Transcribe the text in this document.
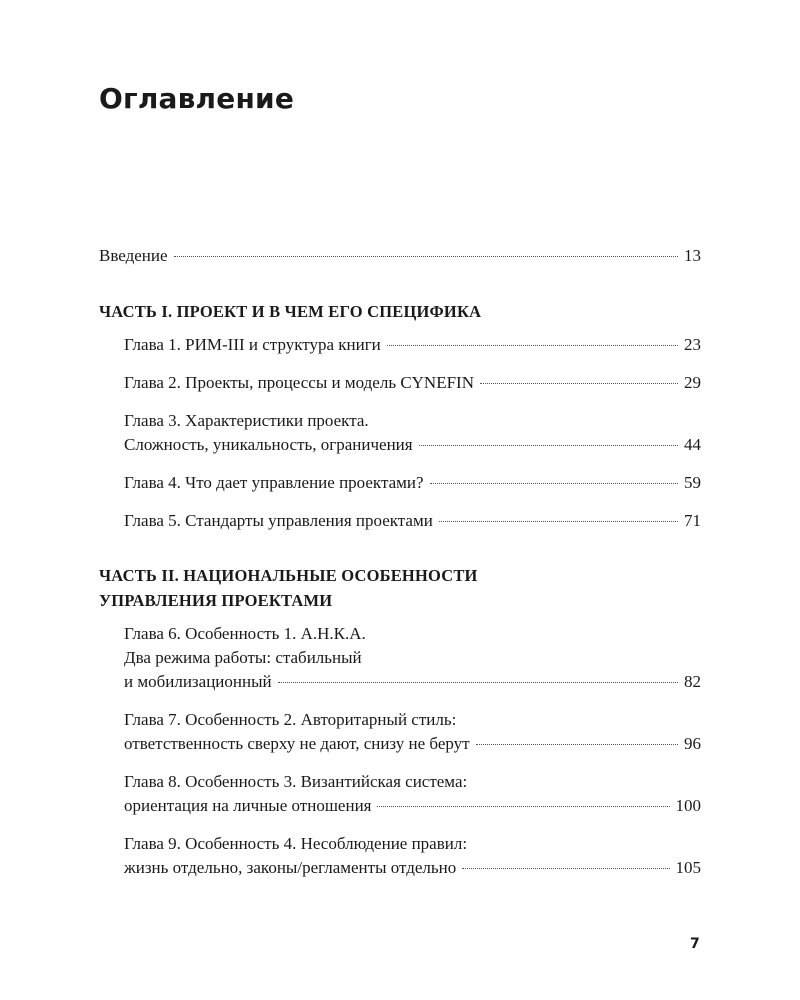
Оглавление
Введение	13
ЧАСТЬ I. ПРОЕКТ И В ЧЕМ ЕГО СПЕЦИФИКА
Глава 1. РИМ-III и структура книги	23
Глава 2. Проекты, процессы и модель CYNEFIN	29
Глава 3. Характеристики проекта.
Сложность, уникальность, ограничения	44
Глава 4. Что дает управление проектами?	59
Глава 5. Стандарты управления проектами	71
ЧАСТЬ II. НАЦИОНАЛЬНЫЕ ОСОБЕННОСТИ
УПРАВЛЕНИЯ ПРОЕКТАМИ
Глава 6. Особенность 1. А.Н.К.А.
Два режима работы: стабильный
и мобилизационный	82
Глава 7. Особенность 2. Авторитарный стиль:
ответственность сверху не дают, снизу не берут	96
Глава 8. Особенность 3. Византийская система:
ориентация на личные отношения	100
Глава 9. Особенность 4. Несоблюдение правил:
жизнь отдельно, законы/регламенты отдельно	105
7
